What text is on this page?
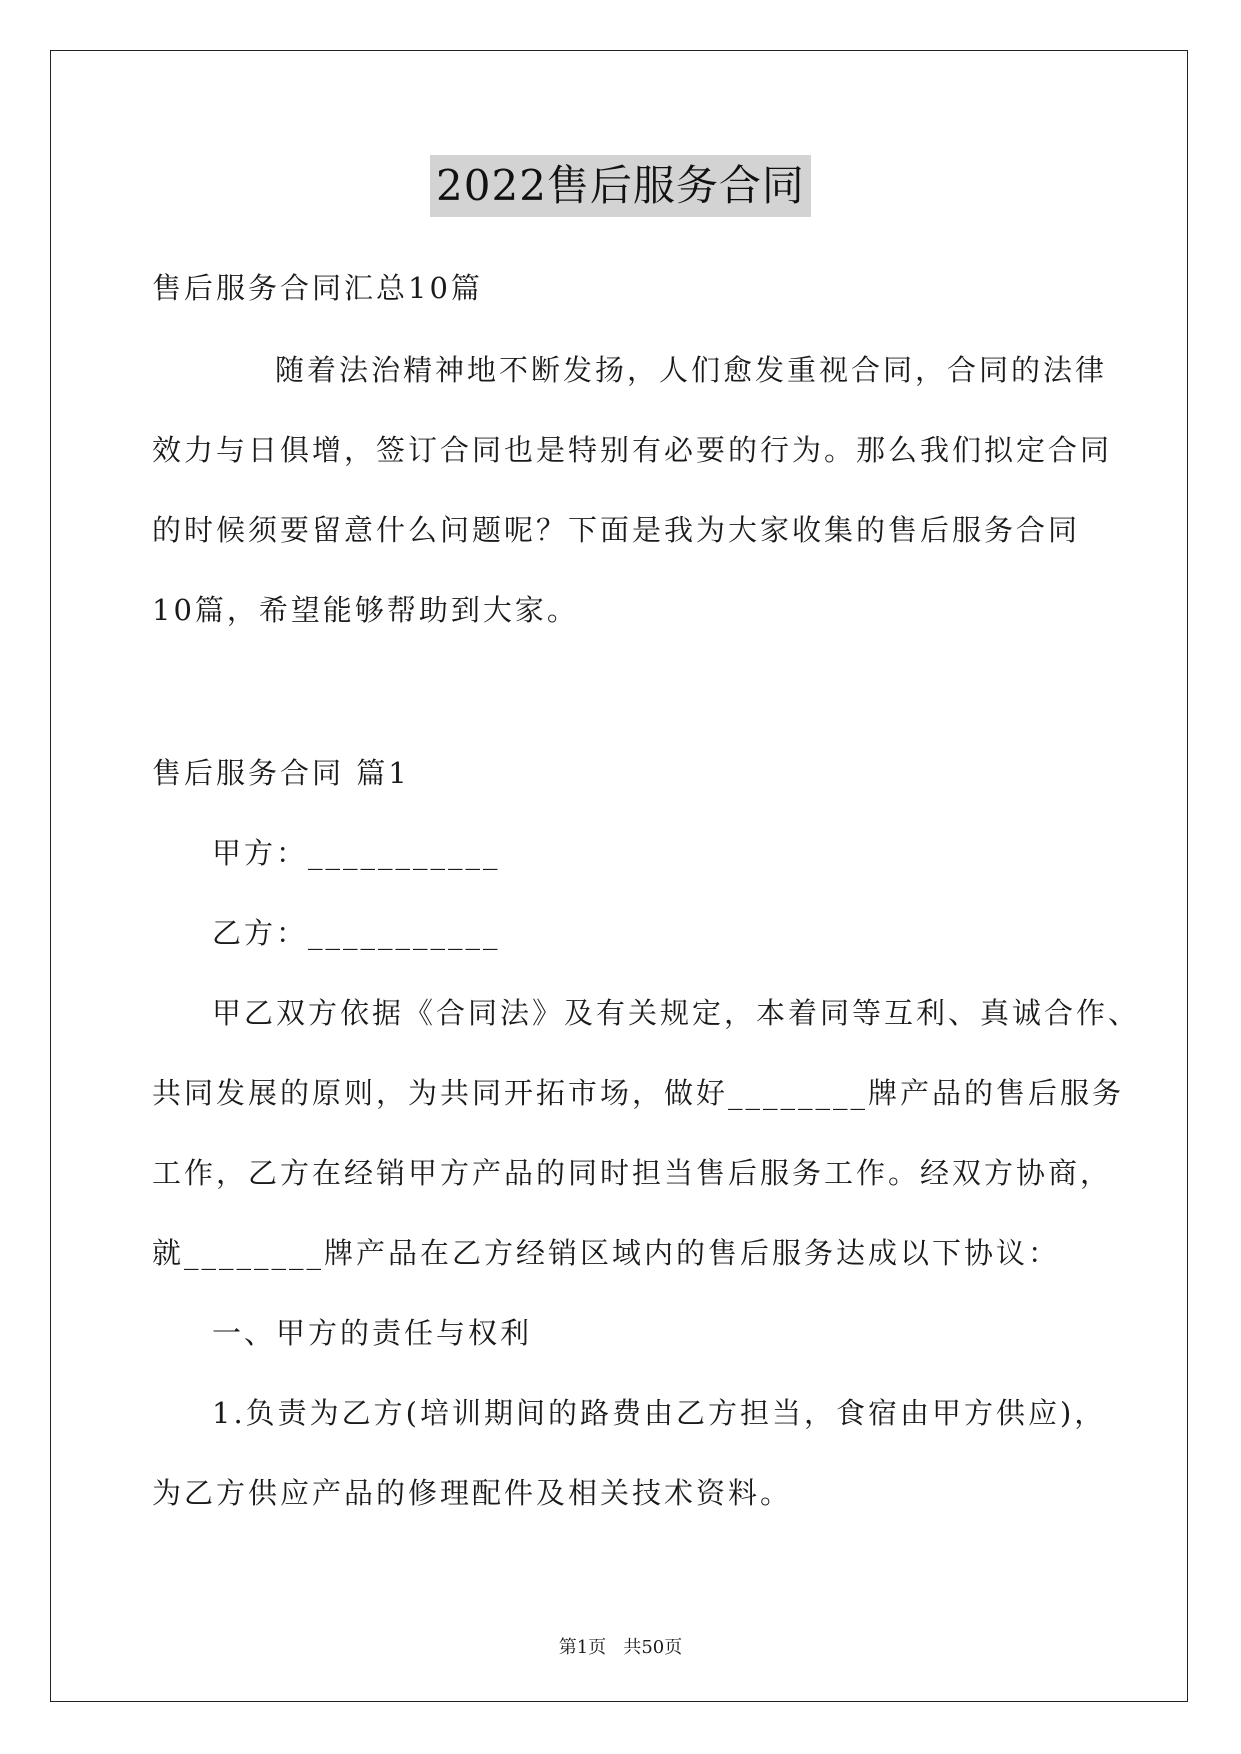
2022售后服务合同
售后服务合同汇总10篇
随着法治精神地不断发扬，人们愈发重视合同，合同的法律
效力与日俱增，签订合同也是特别有必要的行为。那么我们拟定合同
的时候须要留意什么问题呢？下面是我为大家收集的售后服务合同
10篇，希望能够帮助到大家。
售后服务合同 篇1
甲方：___________
乙方：___________
甲乙双方依据《合同法》及有关规定，本着同等互利、真诚合作、
共同发展的原则，为共同开拓市场，做好________牌产品的售后服务
工作，乙方在经销甲方产品的同时担当售后服务工作。经双方协商，
就________牌产品在乙方经销区域内的售后服务达成以下协议：
一、甲方的责任与权利
1.负责为乙方(培训期间的路费由乙方担当，食宿由甲方供应)，
为乙方供应产品的修理配件及相关技术资料。
第1页   共50页
